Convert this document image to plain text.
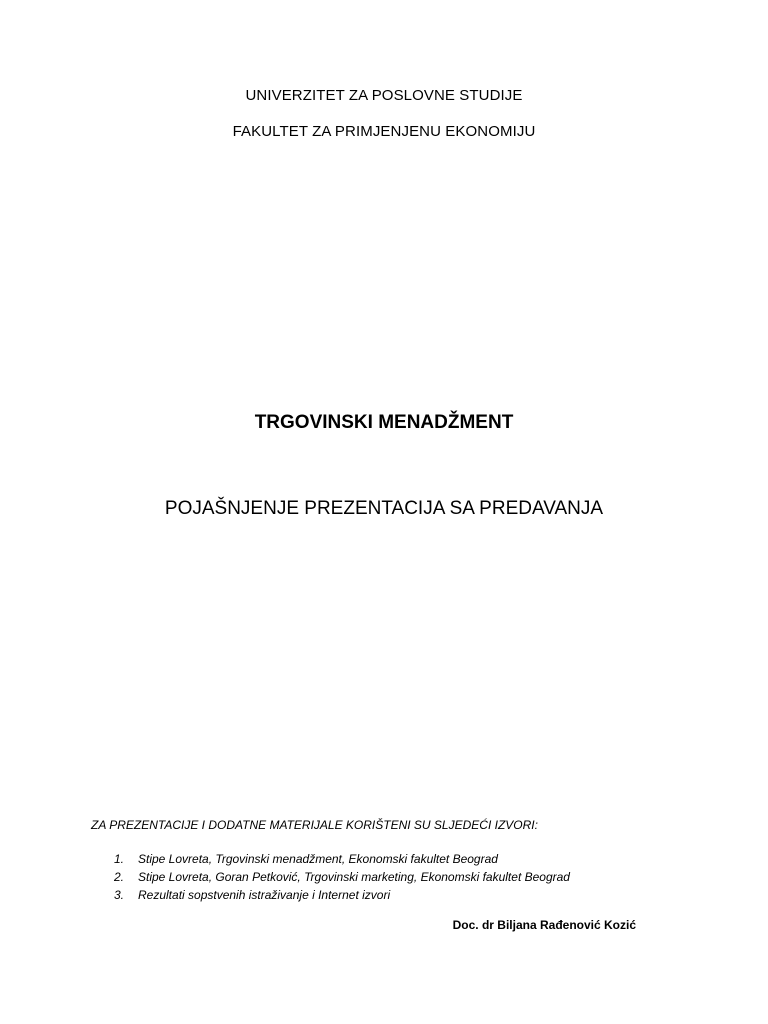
UNIVERZITET ZA POSLOVNE STUDIJE
FAKULTET ZA PRIMJENJENU EKONOMIJU
TRGOVINSKI MENADŽMENT
POJAŠNJENJE PREZENTACIJA SA PREDAVANJA
ZA PREZENTACIJE I DODATNE MATERIJALE KORIŠTENI SU SLJEDEĆI IZVORI:
1. Stipe Lovreta, Trgovinski menadžment, Ekonomski fakultet Beograd
2. Stipe Lovreta, Goran Petković, Trgovinski marketing, Ekonomski fakultet Beograd
3. Rezultati sopstvenih istraživanje i Internet izvori
Doc. dr Biljana Rađenović Kozić
